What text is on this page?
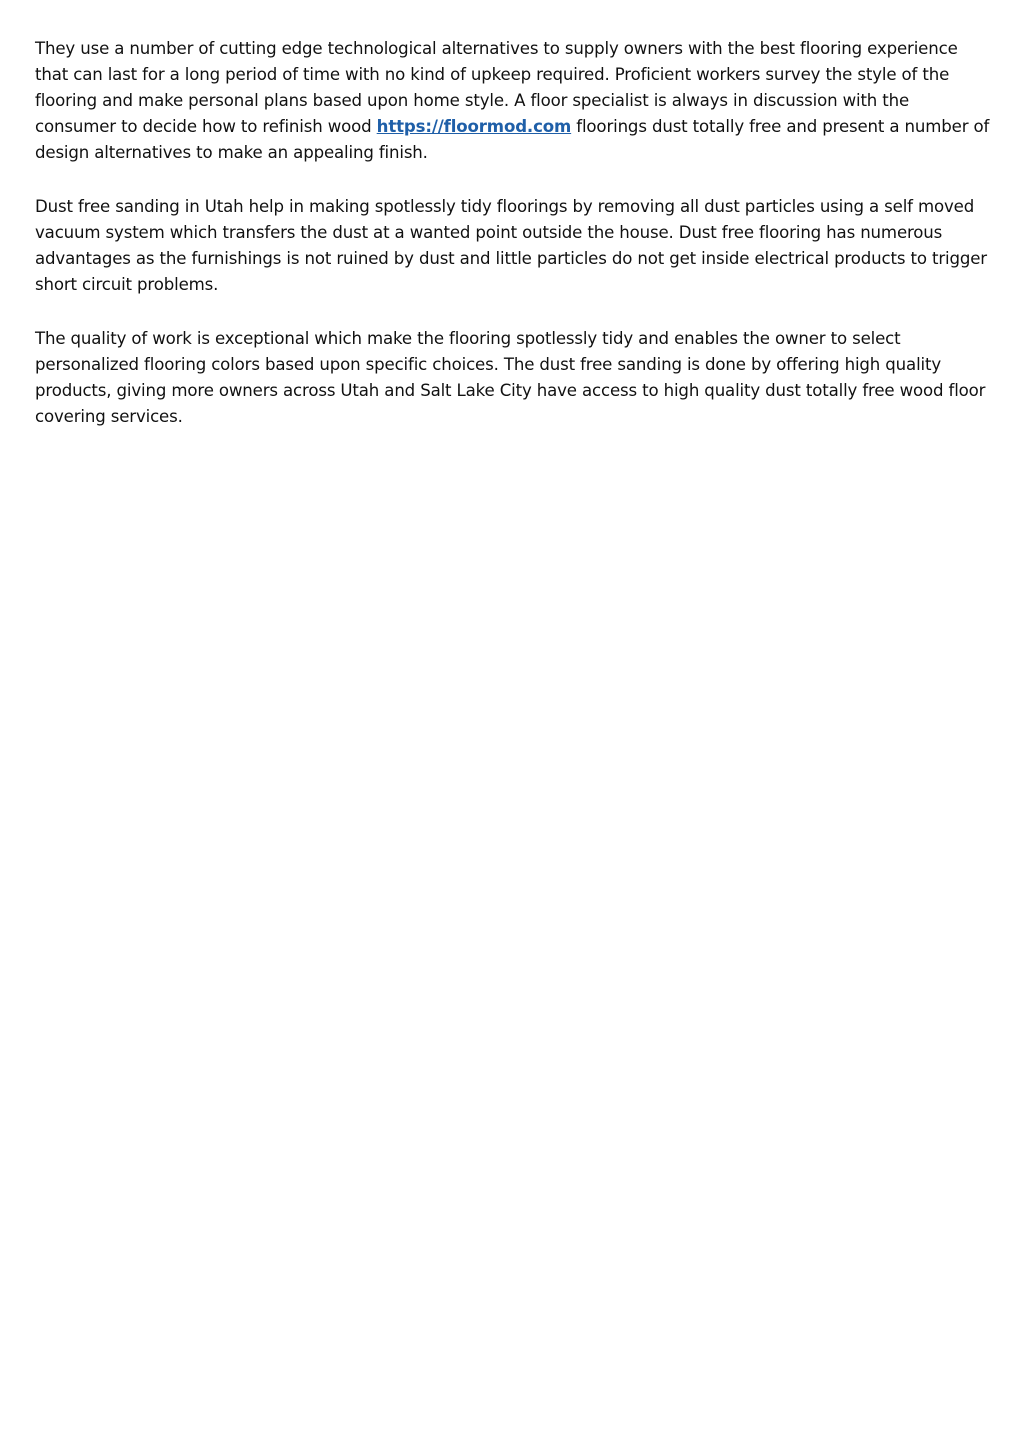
They use a number of cutting edge technological alternatives to supply owners with the best flooring experience that can last for a long period of time with no kind of upkeep required. Proficient workers survey the style of the flooring and make personal plans based upon home style. A floor specialist is always in discussion with the consumer to decide how to refinish wood https://floormod.com floorings dust totally free and present a number of design alternatives to make an appealing finish.

Dust free sanding in Utah help in making spotlessly tidy floorings by removing all dust particles using a self moved vacuum system which transfers the dust at a wanted point outside the house. Dust free flooring has numerous advantages as the furnishings is not ruined by dust and little particles do not get inside electrical products to trigger short circuit problems.

The quality of work is exceptional which make the flooring spotlessly tidy and enables the owner to select personalized flooring colors based upon specific choices. The dust free sanding is done by offering high quality products, giving more owners across Utah and Salt Lake City have access to high quality dust totally free wood floor covering services.
